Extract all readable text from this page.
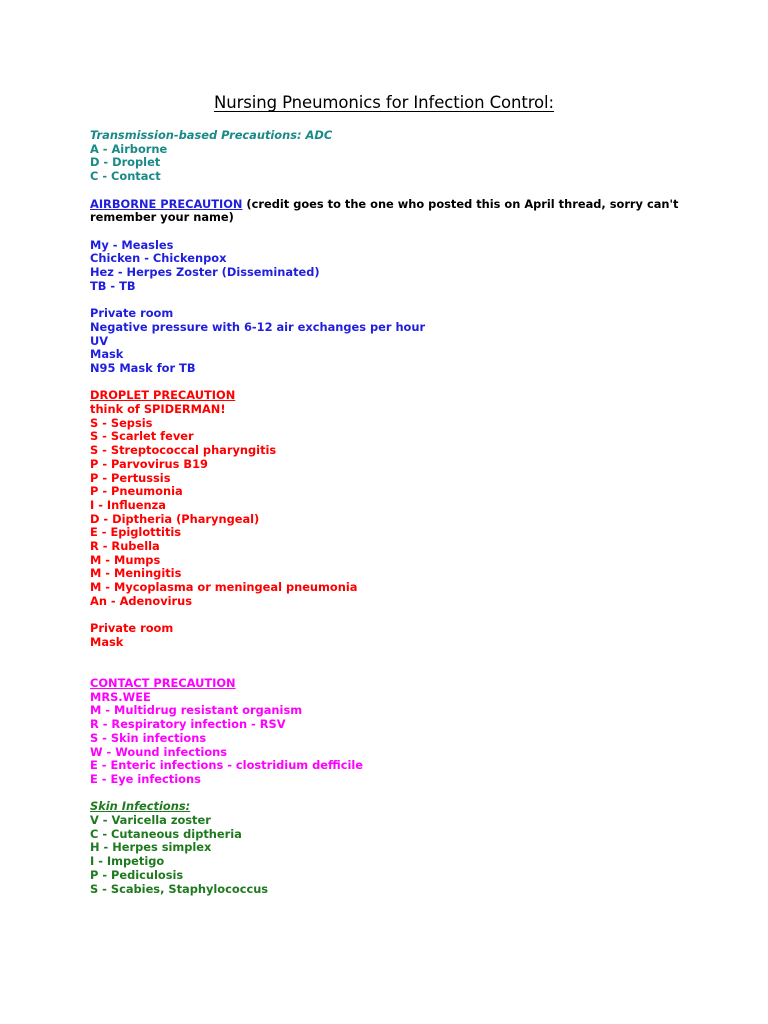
Nursing Pneumonics for Infection Control:
Transmission-based Precautions: ADC
A - Airborne
D - Droplet
C - Contact
AIRBORNE PRECAUTION (credit goes to the one who posted this on April thread, sorry can't remember your name)
My - Measles
Chicken - Chickenpox
Hez - Herpes Zoster (Disseminated)
TB - TB
Private room
Negative pressure with 6-12 air exchanges per hour
UV
Mask
N95 Mask for TB
DROPLET PRECAUTION
think of SPIDERMAN!
S - Sepsis
S - Scarlet fever
S - Streptococcal pharyngitis
P - Parvovirus B19
P - Pertussis
P - Pneumonia
I - Influenza
D - Diptheria (Pharyngeal)
E - Epiglottitis
R - Rubella
M - Mumps
M - Meningitis
M - Mycoplasma or meningeal pneumonia
An - Adenovirus
Private room
Mask
CONTACT PRECAUTION
MRS.WEE
M - Multidrug resistant organism
R - Respiratory infection - RSV
S - Skin infections
W - Wound infections
E - Enteric infections - clostridium defficile
E - Eye infections
Skin Infections:
V - Varicella zoster
C - Cutaneous diptheria
H - Herpes simplex
I - Impetigo
P - Pediculosis
S - Scabies, Staphylococcus
